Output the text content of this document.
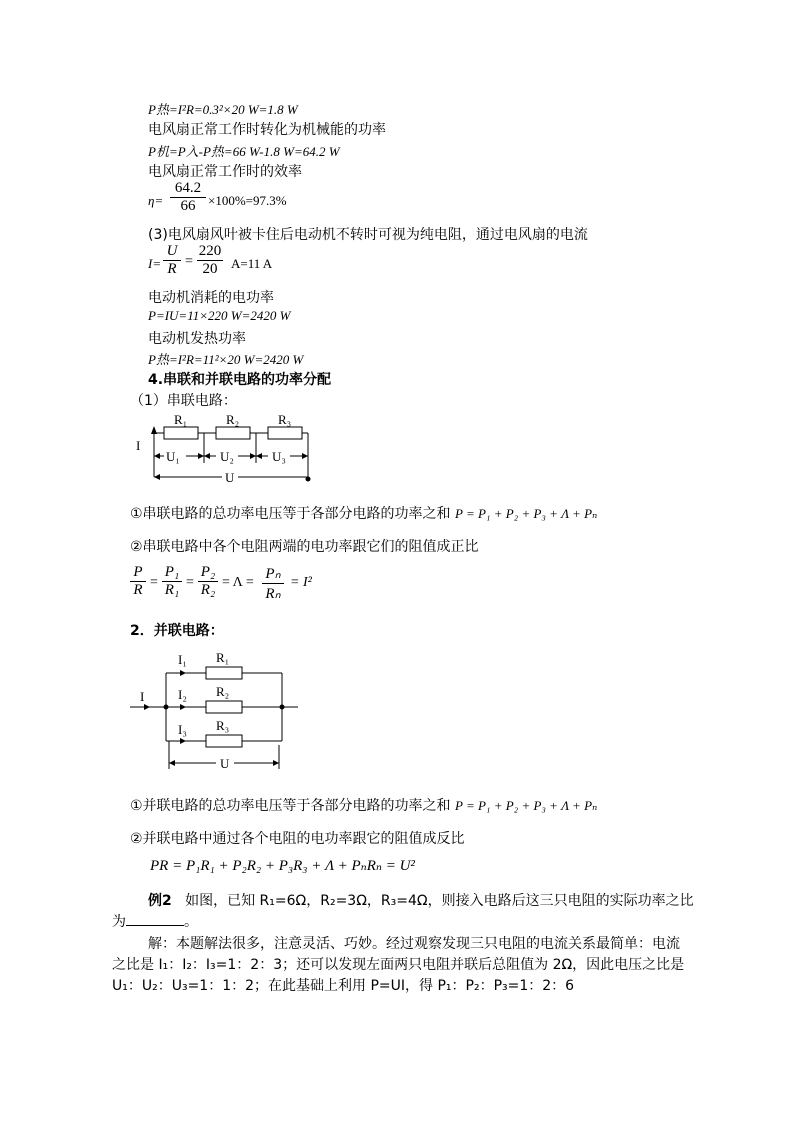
P热=I²R=0.3²×20 W=1.8 W
电风扇正常工作时转化为机械能的功率
P机=P入-P热=66 W-1.8 W=64.2 W
电风扇正常工作时的效率
η=
64.2
66 ×100%=97.3%
(3)电风扇风叶被卡住后电动机不转时可视为纯电阻，通过电风扇的电流
I=
U
R =
220
20	A=11 A
电动机消耗的电功率
P=IU=11×220 W=2420 W
电动机发热功率
P热=I²R=11²×20 W=2420 W
4.串联和并联电路的功率分配
（1）串联电路：
I
R₁	R₂	R₃
U₁	U₂	U₃
U
①串联电路的总功率电压等于各部分电路的功率之和 P = P₁ + P₂ + P₃ + Λ + Pₙ
②串联电路中各个电阻两端的电功率跟它们的阻值成正比
P
R =
P₁
R₁ =
P₂
R₂ = Λ =
Pₙ
Rₙ
= I²
2．并联电路：
I
I₁
I₂
I₃
R₁
R₂
R₃
U
①并联电路的总功率电压等于各部分电路的功率之和 P = P₁ + P₂ + P₃ + Λ + Pₙ
②并联电路中通过各个电阻的电功率跟它的阻值成反比
PR = P₁R₁ + P₂R₂ + P₃R₃ + Λ + PₙRₙ = U²
例2 如图，已知 R₁=6Ω，R₂=3Ω，R₃=4Ω，则接入电路后这三只电阻的实际功率之比
为	。
解：本题解法很多，注意灵活、巧妙。经过观察发现三只电阻的电流关系最简单：电流
之比是 I₁：I₂：I₃=1：2：3；还可以发现左面两只电阻并联后总阻值为 2Ω，因此电压之比是
U₁：U₂：U₃=1：1：2；在此基础上利用 P=UI，得 P₁：P₂：P₃=1：2：6
